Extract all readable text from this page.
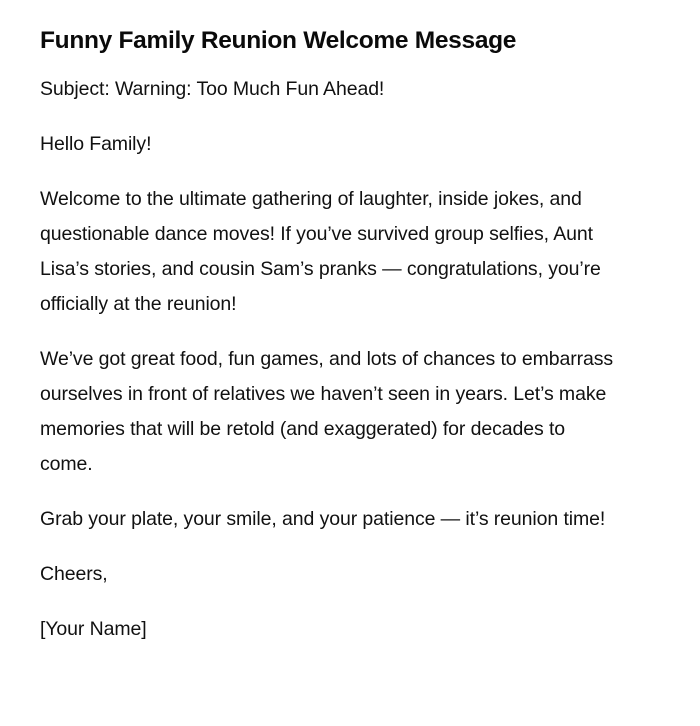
Funny Family Reunion Welcome Message

Subject: Warning: Too Much Fun Ahead!

Hello Family!

Welcome to the ultimate gathering of laughter, inside jokes, and questionable dance moves! If you’ve survived group selfies, Aunt Lisa’s stories, and cousin Sam’s pranks — congratulations, you’re officially at the reunion!

We’ve got great food, fun games, and lots of chances to embarrass ourselves in front of relatives we haven’t seen in years. Let’s make memories that will be retold (and exaggerated) for decades to come.

Grab your plate, your smile, and your patience — it’s reunion time!

Cheers,

[Your Name]
